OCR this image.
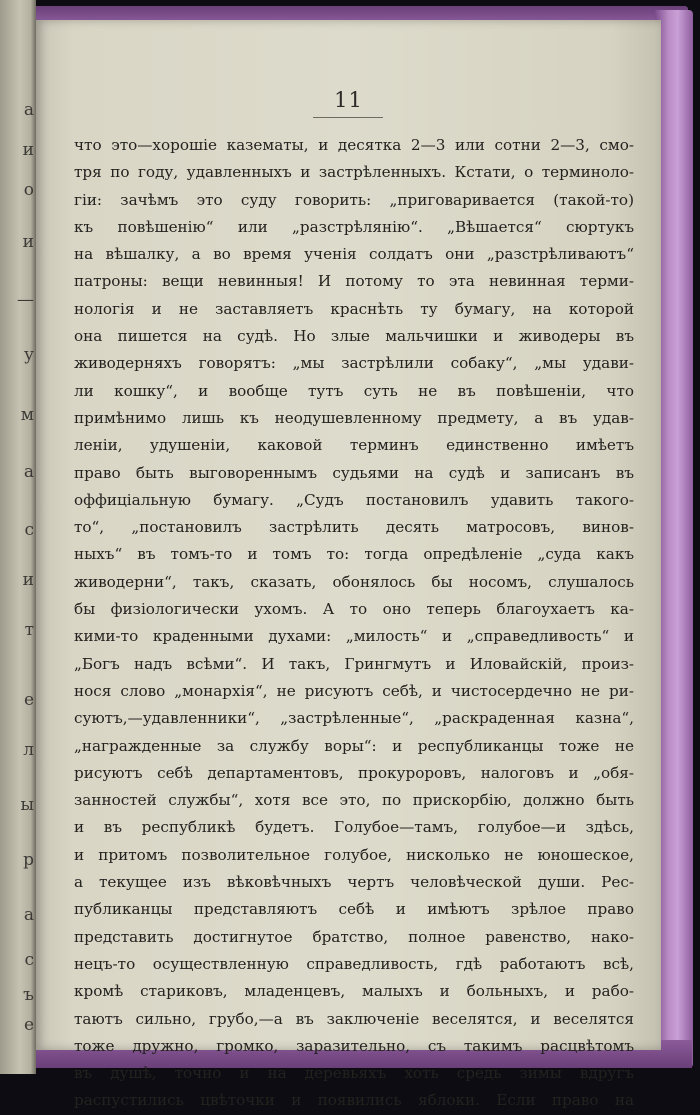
а
и
о
и
—
у
м
а
с
и
т
е
л
ы
р
а
с
ъ
е
11
что это—хорошіе казематы, и десятка 2—3 или сотни 2—3, смо-
тря по году, удавленныхъ и застрѣленныхъ. Кстати, о терминоло-
гіи: зачѣмъ это суду говорить: „приговаривается (такой-то)
къ повѣшенію“ или „разстрѣлянію“. „Вѣшается“ сюртукъ
на вѣшалку, а во время ученія солдатъ они „разстрѣливаютъ“
патроны: вещи невинныя! И потому то эта невинная терми-
нологія и не заставляетъ краснѣть ту бумагу, на которой
она пишется на судѣ. Но злые мальчишки и живодеры въ
живодерняхъ говорятъ: „мы застрѣлили собаку“, „мы удави-
ли кошку“, и вообще тутъ суть не въ повѣшеніи, что
примѣнимо лишь къ неодушевленному предмету, а въ удав-
ленiи, удушенiи, каковой терминъ единственно имѣетъ
право быть выговореннымъ судьями на судѣ и записанъ въ
оффиціальную бумагу. „Судъ постановилъ удавить такого-
то“, „постановилъ застрѣлить десять матросовъ, винов-
ныхъ“ въ томъ-то и томъ то: тогда опредѣленіе „суда какъ
живодерни“, такъ, сказать, обонялось бы носомъ, слушалось
бы физіологически ухомъ. А то оно теперь благоухаетъ ка-
кими-то краденными духами: „милость“ и „справедливость“ и
„Богъ надъ всѣми“. И такъ, Грингмутъ и Иловайскій, произ-
нося слово „монархія“, не рисуютъ себѣ, и чистосердечно не ри-
суютъ,—удавленники“, „застрѣленные“, „раскраденная казна“,
„награжденные за службу воры“: и республиканцы тоже не
рисуютъ себѣ департаментовъ, прокуроровъ, налоговъ и „обя-
занностей службы“, хотя все это, по прискорбію, должно быть
и въ республикѣ будетъ. Голубое—тамъ, голубое—и здѣсь,
и притомъ позволительное голубое, нисколько не юношеское,
а текущее изъ вѣковѣчныхъ чертъ человѣческой души. Рес-
публиканцы представляютъ себѣ и имѣютъ зрѣлое право
представить достигнутое братство, полное равенство, нако-
нецъ-то осуществленную справедливость, гдѣ работаютъ всѣ,
кромѣ стариковъ, младенцевъ, малыхъ и больныхъ, и рабо-
таютъ сильно, грубо,—а въ заключеніе веселятся, и веселятся
тоже дружно, громко, заразительно, съ такимъ расцвѣтомъ
въ душѣ, точно и на деревьяхъ хоть средь зимы вдругъ
распустились цвѣточки и появились яблоки. Если право на
